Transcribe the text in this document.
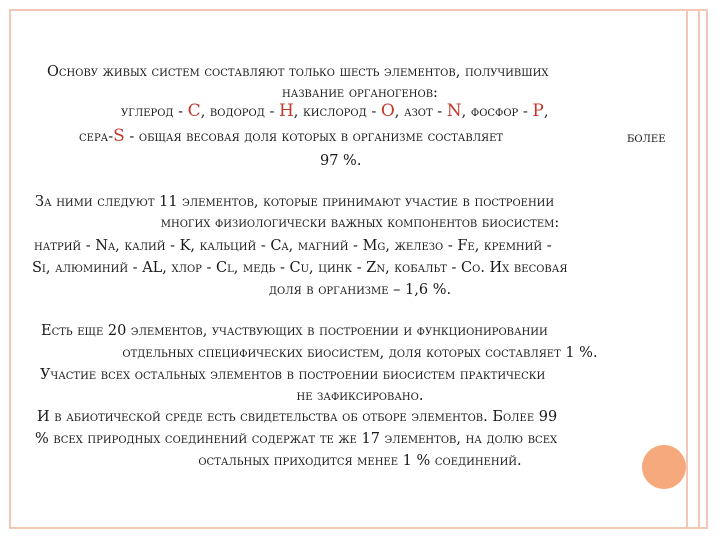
Основу живых систем составляют только шесть элементов, получивших
название органогенов:
углерод - С, водород - Н, кислород - О, азот - N, фосфор - Р,
сера-S - общая весовая доля которых в организме составляет	более
97 %.
За ними следуют 11 элементов, которые принимают участие в построении
многих физиологически важных компонентов биосистем:
натрий - Na, калий - K, кальций - Ca, магний - Mg, железо - Fe, кремний -
Si, алюминий - AL, хлор - Cl, медь - Cu, цинк - Zn, кобальт - Co. Их весовая
доля в организме – 1,6 %.
Есть еще 20 элементов, участвующих в построении и функционировании
отдельных специфических биосистем, доля которых составляет 1 %.
Участие всех остальных элементов в построении биосистем практически
не зафиксировано.
И в абиотической среде есть свидетельства об отборе элементов. Более 99
% всех природных соединений содержат те же 17 элементов, на долю всех
остальных приходится менее 1 % соединений.
